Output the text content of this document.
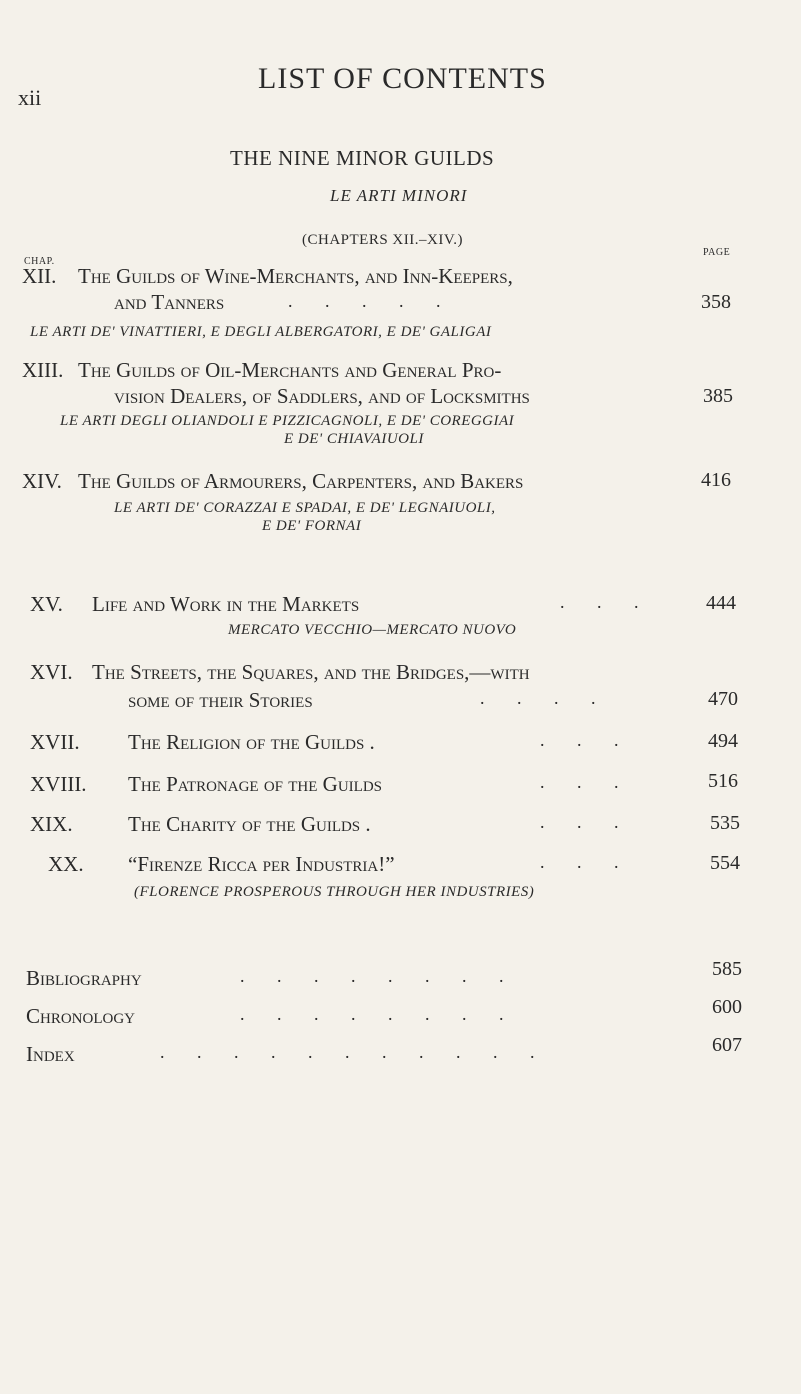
xii
LIST OF CONTENTS
THE NINE MINOR GUILDS
LE ARTI MINORI
(CHAPTERS XII.–XIV.)
CHAP.
PAGE
XII. The Guilds of Wine-Merchants, and Inn-Keepers,
and Tanners	. . . . .	358
LE ARTI DE' VINATTIERI, E DEGLI ALBERGATORI, E DE' GALIGAI
XIII. The Guilds of Oil-Merchants and General Pro-
vision Dealers, of Saddlers, and of Locksmiths	385
LE ARTI DEGLI OLIANDOLI E PIZZICAGNOLI, E DE' COREGGIAI
E DE' CHIAVAIUOLI
XIV. The Guilds of Armourers, Carpenters, and Bakers	416
LE ARTI DE' CORAZZAI E SPADAI, E DE' LEGNAIUOLI,
E DE' FORNAI
XV. Life and Work in the Markets	. . .	444
MERCATO VECCHIO—MERCATO NUOVO
XVI. The Streets, the Squares, and the Bridges,—with
some of their Stories	. . . .	470
XVII. The Religion of the Guilds .	. . .	494
XVIII. The Patronage of the Guilds	. . .	516
XIX.	The Charity of the Guilds .	. . .	535
XX. “Firenze Ricca per Industria!”	. . .	554
(FLORENCE PROSPEROUS THROUGH HER INDUSTRIES)
Bibliography	. . . . . . . .	585
Chronology	. . . . . . . .	600
Index	. . . . . . . . . . .	607
